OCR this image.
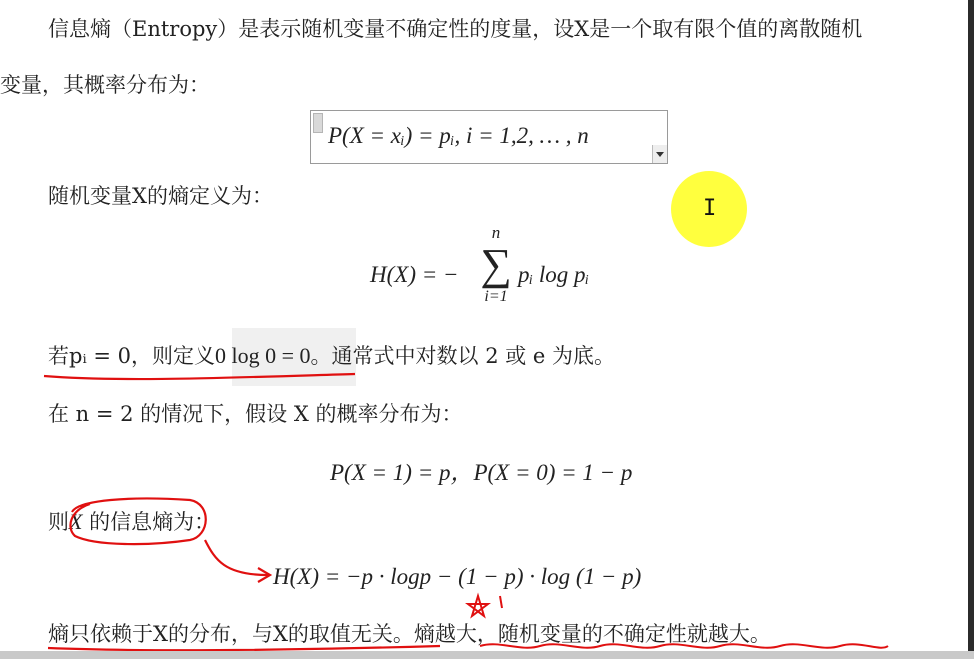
信息熵（Entropy）是表示随机变量不确定性的度量，设X是一个取有限个值的离散随机
变量，其概率分布为：
P(X = xᵢ) = pᵢ, i = 1,2, … , n
随机变量X的熵定义为：
H(X) = −
n
∑
i=1
pᵢ log pᵢ
若pᵢ = 0，则定义0 log 0 = 0。通常式中对数以 2 或 e 为底。
在 n = 2 的情况下，假设 X 的概率分布为：
P(X = 1) = p，P(X = 0) = 1 − p
则X 的信息熵为：
H(X) = −p · logp − (1 − p) · log (1 − p)
熵只依赖于X的分布，与X的取值无关。熵越大，随机变量的不确定性就越大。
I
